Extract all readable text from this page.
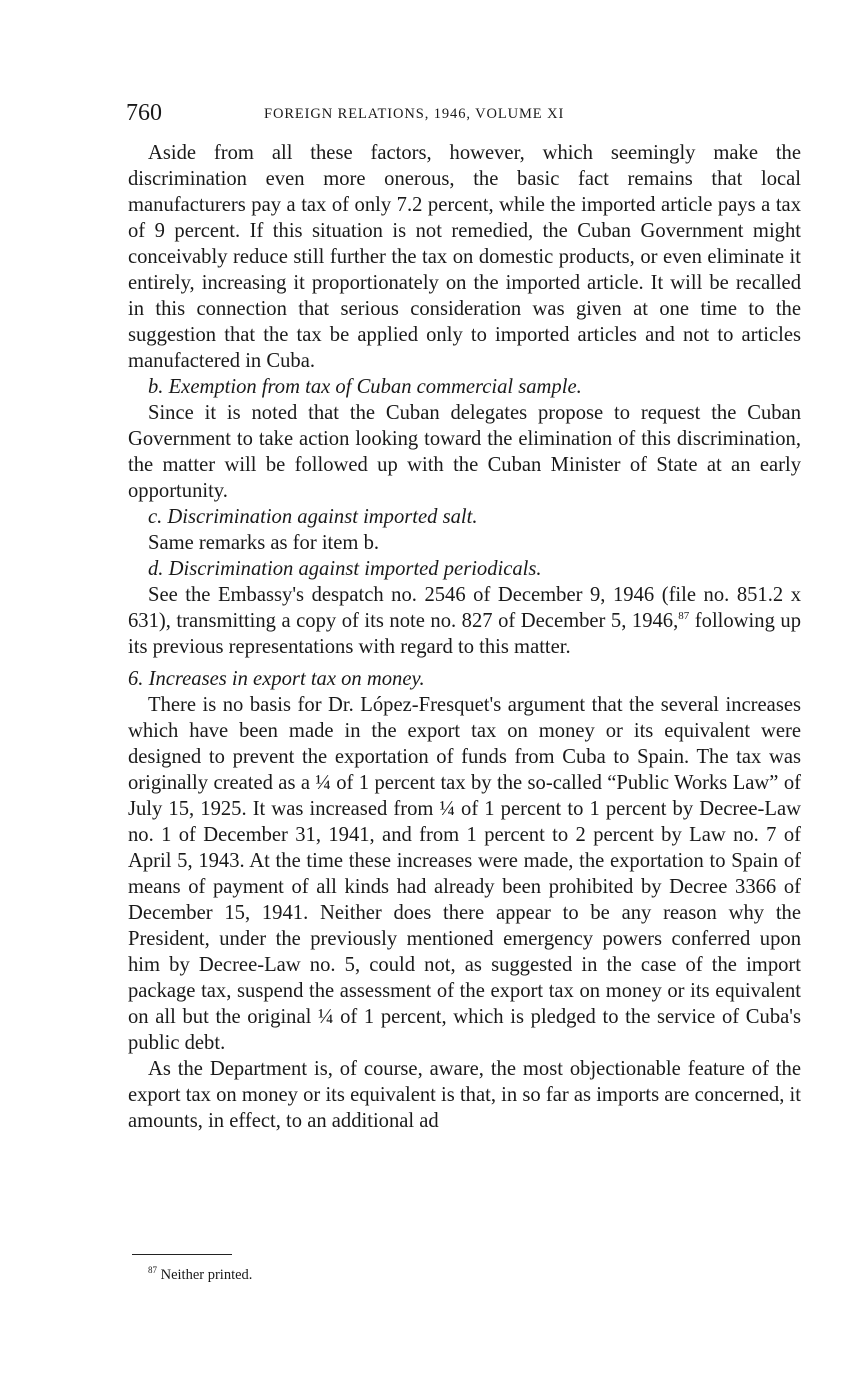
760	FOREIGN RELATIONS, 1946, VOLUME XI

Aside from all these factors, however, which seemingly make the discrimination even more onerous, the basic fact remains that local manufacturers pay a tax of only 7.2 percent, while the imported article pays a tax of 9 percent. If this situation is not remedied, the Cuban Government might conceivably reduce still further the tax on domestic products, or even eliminate it entirely, increasing it proportionately on the imported article. It will be recalled in this connection that serious consideration was given at one time to the suggestion that the tax be applied only to imported articles and not to articles manufactered in Cuba.

b. Exemption from tax of Cuban commercial sample.

Since it is noted that the Cuban delegates propose to request the Cuban Government to take action looking toward the elimination of this discrimination, the matter will be followed up with the Cuban Minister of State at an early opportunity.

c. Discrimination against imported salt.

Same remarks as for item b.

d. Discrimination against imported periodicals.

See the Embassy's despatch no. 2546 of December 9, 1946 (file no. 851.2 x 631), transmitting a copy of its note no. 827 of December 5, 1946,87 following up its previous representations with regard to this matter.

6. Increases in export tax on money.

There is no basis for Dr. López-Fresquet's argument that the several increases which have been made in the export tax on money or its equivalent were designed to prevent the exportation of funds from Cuba to Spain. The tax was originally created as a ¼ of 1 percent tax by the so-called “Public Works Law” of July 15, 1925. It was increased from ¼ of 1 percent to 1 percent by Decree-Law no. 1 of December 31, 1941, and from 1 percent to 2 percent by Law no. 7 of April 5, 1943. At the time these increases were made, the exportation to Spain of means of payment of all kinds had already been prohibited by Decree 3366 of December 15, 1941. Neither does there appear to be any reason why the President, under the previously mentioned emergency powers conferred upon him by Decree-Law no. 5, could not, as suggested in the case of the import package tax, suspend the assessment of the export tax on money or its equivalent on all but the original ¼ of 1 percent, which is pledged to the service of Cuba's public debt.

As the Department is, of course, aware, the most objectionable feature of the export tax on money or its equivalent is that, in so far as imports are concerned, it amounts, in effect, to an additional ad

$^{87}$ Neither printed.
